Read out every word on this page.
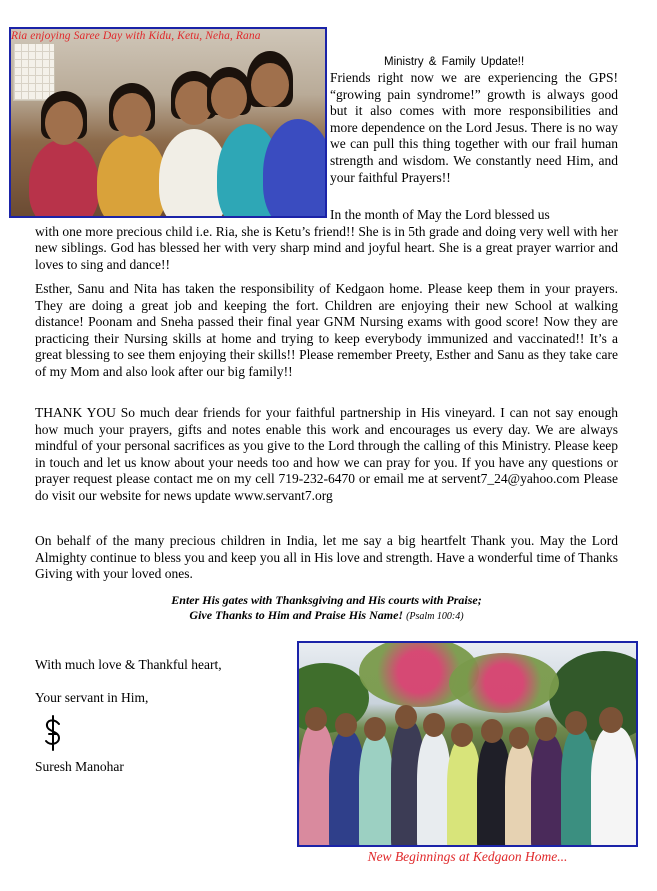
Ria enjoying Saree Day with Kidu, Ketu, Neha, Rana
Ministry & Family Update!!
Friends right now we are experiencing the GPS! “growing pain syndrome!” growth is always good but it also comes with more responsibilities and more dependence on the Lord Jesus. There is no way we can pull this thing together with our frail human strength and wisdom. We constantly need Him, and your faithful Prayers!!
In the month of May the Lord blessed us
with one more precious child i.e. Ria, she is Ketu’s friend!! She is in 5th grade and doing very well with her new siblings. God has blessed her with very sharp mind and joyful heart. She is a great prayer warrior and loves to sing and dance!!
Esther, Sanu and Nita has taken the responsibility of Kedgaon home. Please keep them in your prayers. They are doing a great job and keeping the fort. Children are enjoying their new School at walking distance! Poonam and Sneha passed their final year GNM Nursing exams with good score! Now they are practicing their Nursing skills at home and trying to keep everybody immunized and vaccinated!! It’s a great blessing to see them enjoying their skills!! Please remember Preety, Esther and Sanu as they take care of my Mom and also look after our big family!!
THANK YOU So much dear friends for your faithful partnership in His vineyard. I can not say enough how much your prayers, gifts and notes enable this work and encourages us every day. We are always mindful of your personal sacrifices as you give to the Lord through the calling of this Ministry. Please keep in touch and let us know about your needs too and how we can pray for you. If you have any questions or prayer request please contact me on my cell 719-232-6470 or email me at servent7_24@yahoo.com Please do visit our website for news update www.servant7.org
On behalf of the many precious children in India, let me say a big heartfelt Thank you. May the Lord Almighty continue to bless you and keep you all in His love and strength. Have a wonderful time of Thanks Giving with your loved ones.
Enter His gates with Thanksgiving and His courts with Praise;
Give Thanks to Him and Praise His Name! (Psalm 100:4)
With much love & Thankful heart,
Your servant in Him,
Suresh Manohar
New Beginnings at Kedgaon Home...
